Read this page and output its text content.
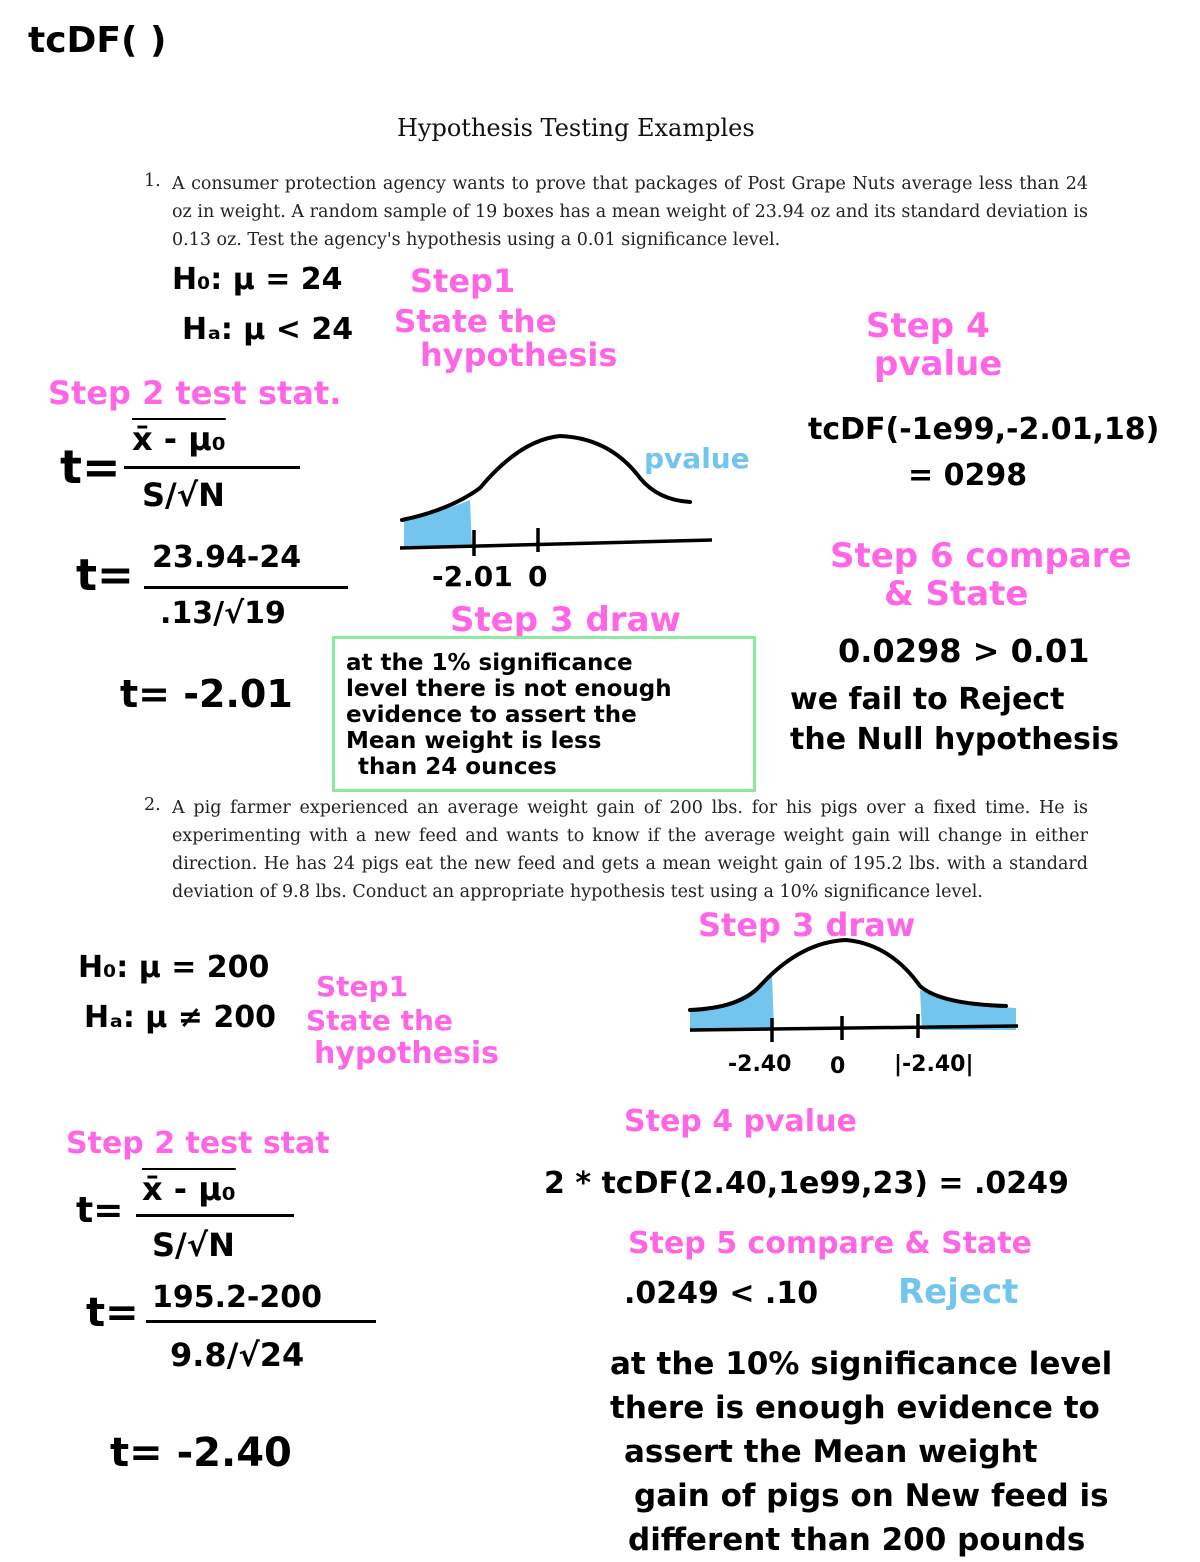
tcDF( )
Hypothesis Testing Examples
1. A consumer protection agency wants to prove that packages of Post Grape Nuts average less than 24 oz in weight. A random sample of 19 boxes has a mean weight of 23.94 oz and its standard deviation is 0.13 oz. Test the agency's hypothesis using a 0.01 significance level.
H₀: μ = 24
Hₐ: μ < 24
Step1
State the
hypothesis
Step 2 test stat.
t=
x̄ - μ₀
S/√N
t= 23.94-24
.13/√19
t= -2.01
-2.01 0
pvalue
Step 3 draw
at the 1% significance
level there is not enough
evidence to assert the
Mean weight is less
than 24 ounces
Step 4
pvalue
tcDF(-1e99,-2.01,18)
= 0298
Step 6 compare
& State
0.0298 > 0.01
we fail to Reject
the Null hypothesis
2. A pig farmer experienced an average weight gain of 200 lbs. for his pigs over a fixed time. He is experimenting with a new feed and wants to know if the average weight gain will change in either direction. He has 24 pigs eat the new feed and gets a mean weight gain of 195.2 lbs. with a standard deviation of 9.8 lbs. Conduct an appropriate hypothesis test using a 10% significance level.
Step 3 draw
H₀: μ = 200
Hₐ: μ ≠ 200
Step1
State the
hypothesis	-2.40 0 |-2.40|
Step 4 pvalue
Step 2 test stat
2 * tcDF(2.40,1e99,23) = .0249
t=
x̄ - μ₀
S/√N	Step 5 compare & State
t= 195.2-200
9.8/√24
.0249 < .10 Reject
t= -2.40
at the 10% significance level
there is enough evidence to
assert the Mean weight
gain of pigs on New feed is
different than 200 pounds
